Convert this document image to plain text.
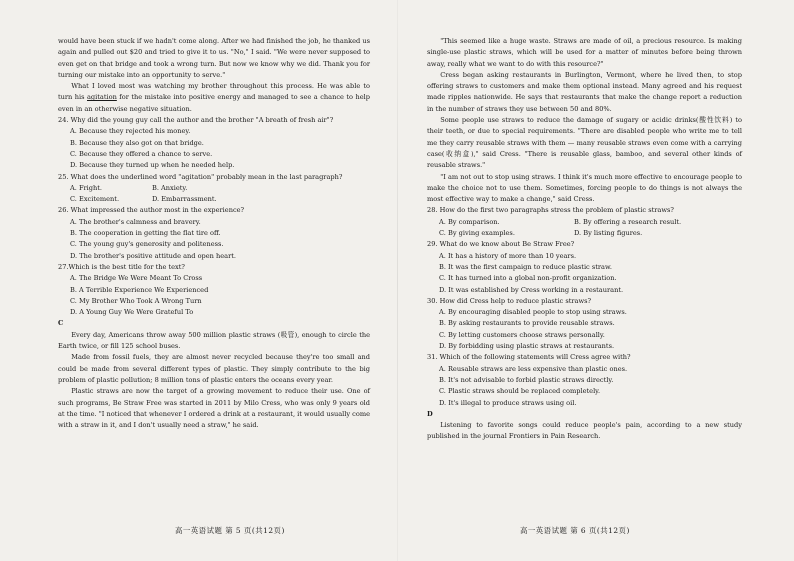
would have been stuck if we hadn't come along. After we had finished the job, he thanked us again and pulled out $20 and tried to give it to us. "No," I said. "We were never supposed to even get on that bridge and took a wrong turn. But now we know why we did. Thank you for turning our mistake into an opportunity to serve."

What I loved most was watching my brother throughout this process. He was able to turn his agitation for the mistake into positive energy and managed to see a chance to help even in an otherwise negative situation.

24. Why did the young guy call the author and the brother "A breath of fresh air"?

A. Because they rejected his money.

B. Because they also got on that bridge.

C. Because they offered a chance to serve.

D. Because they turned up when he needed help.

25. What does the underlined word "agitation" probably mean in the last paragraph?

A. Fright.	B. Anxiety.
C. Excitement.	D. Embarrassment.

26. What impressed the author most in the experience?

A. The brother's calmness and bravery.

B. The cooperation in getting the flat tire off.

C. The young guy's generosity and politeness.

D. The brother's positive attitude and open heart.

27.Which is the best title for the text?

A. The Bridge We Were Meant To Cross

B. A Terrible Experience We Experienced

C. My Brother Who Took A Wrong Turn

D. A Young Guy We Were Grateful To

C

Every day, Americans throw away 500 million plastic straws (吸管), enough to circle the Earth twice, or fill 125 school buses.

Made from fossil fuels, they are almost never recycled because they're too small and could be made from several different types of plastic. They simply contribute to the big problem of plastic pollution; 8 million tons of plastic enters the oceans every year.

Plastic straws are now the target of a growing movement to reduce their use. One of such programs, Be Straw Free was started in 2011 by Milo Cress, who was only 9 years old at the time. "I noticed that whenever I ordered a drink at a restaurant, it would usually come with a straw in it, and I don't usually need a straw," he said.

高一英语试题 第 5 页(共12页)

"This seemed like a huge waste. Straws are made of oil, a precious resource. Is making single-use plastic straws, which will be used for a matter of minutes before being thrown away, really what we want to do with this resource?"

Cress began asking restaurants in Burlington, Vermont, where he lived then, to stop offering straws to customers and make them optional instead. Many agreed and his request made ripples nationwide. He says that restaurants that make the change report a reduction in the number of straws they use between 50 and 80%.

Some people use straws to reduce the damage of sugary or acidic drinks(酸性饮料) to their teeth, or due to special requirements. "There are disabled people who write me to tell me they carry reusable straws with them — many reusable straws even come with a carrying case(收纳盒)," said Cress. "There is reusable glass, bamboo, and several other kinds of reusable straws."

"I am not out to stop using straws. I think it's much more effective to encourage people to make the choice not to use them. Sometimes, forcing people to do things is not always the most effective way to make a change," said Cress.

28. How do the first two paragraphs stress the problem of plastic straws?

A. By comparison.	B. By offering a research result.
C. By giving examples.	D. By listing figures.

29. What do we know about Be Straw Free?

A. It has a history of more than 10 years.

B. It was the first campaign to reduce plastic straw.

C. It has turned into a global non-profit organization.

D. It was established by Cress working in a restaurant.

30. How did Cress help to reduce plastic straws?

A. By encouraging disabled people to stop using straws.

B. By asking restaurants to provide reusable straws.

C. By letting customers choose straws personally.

D. By forbidding using plastic straws at restaurants.

31. Which of the following statements will Cress agree with?

A. Reusable straws are less expensive than plastic ones.

B. It's not advisable to forbid plastic straws directly.

C. Plastic straws should be replaced completely.

D. It's illegal to produce straws using oil.

D

Listening to favorite songs could reduce people's pain, according to a new study published in the journal Frontiers in Pain Research.

高一英语试题 第 6 页(共12页)
